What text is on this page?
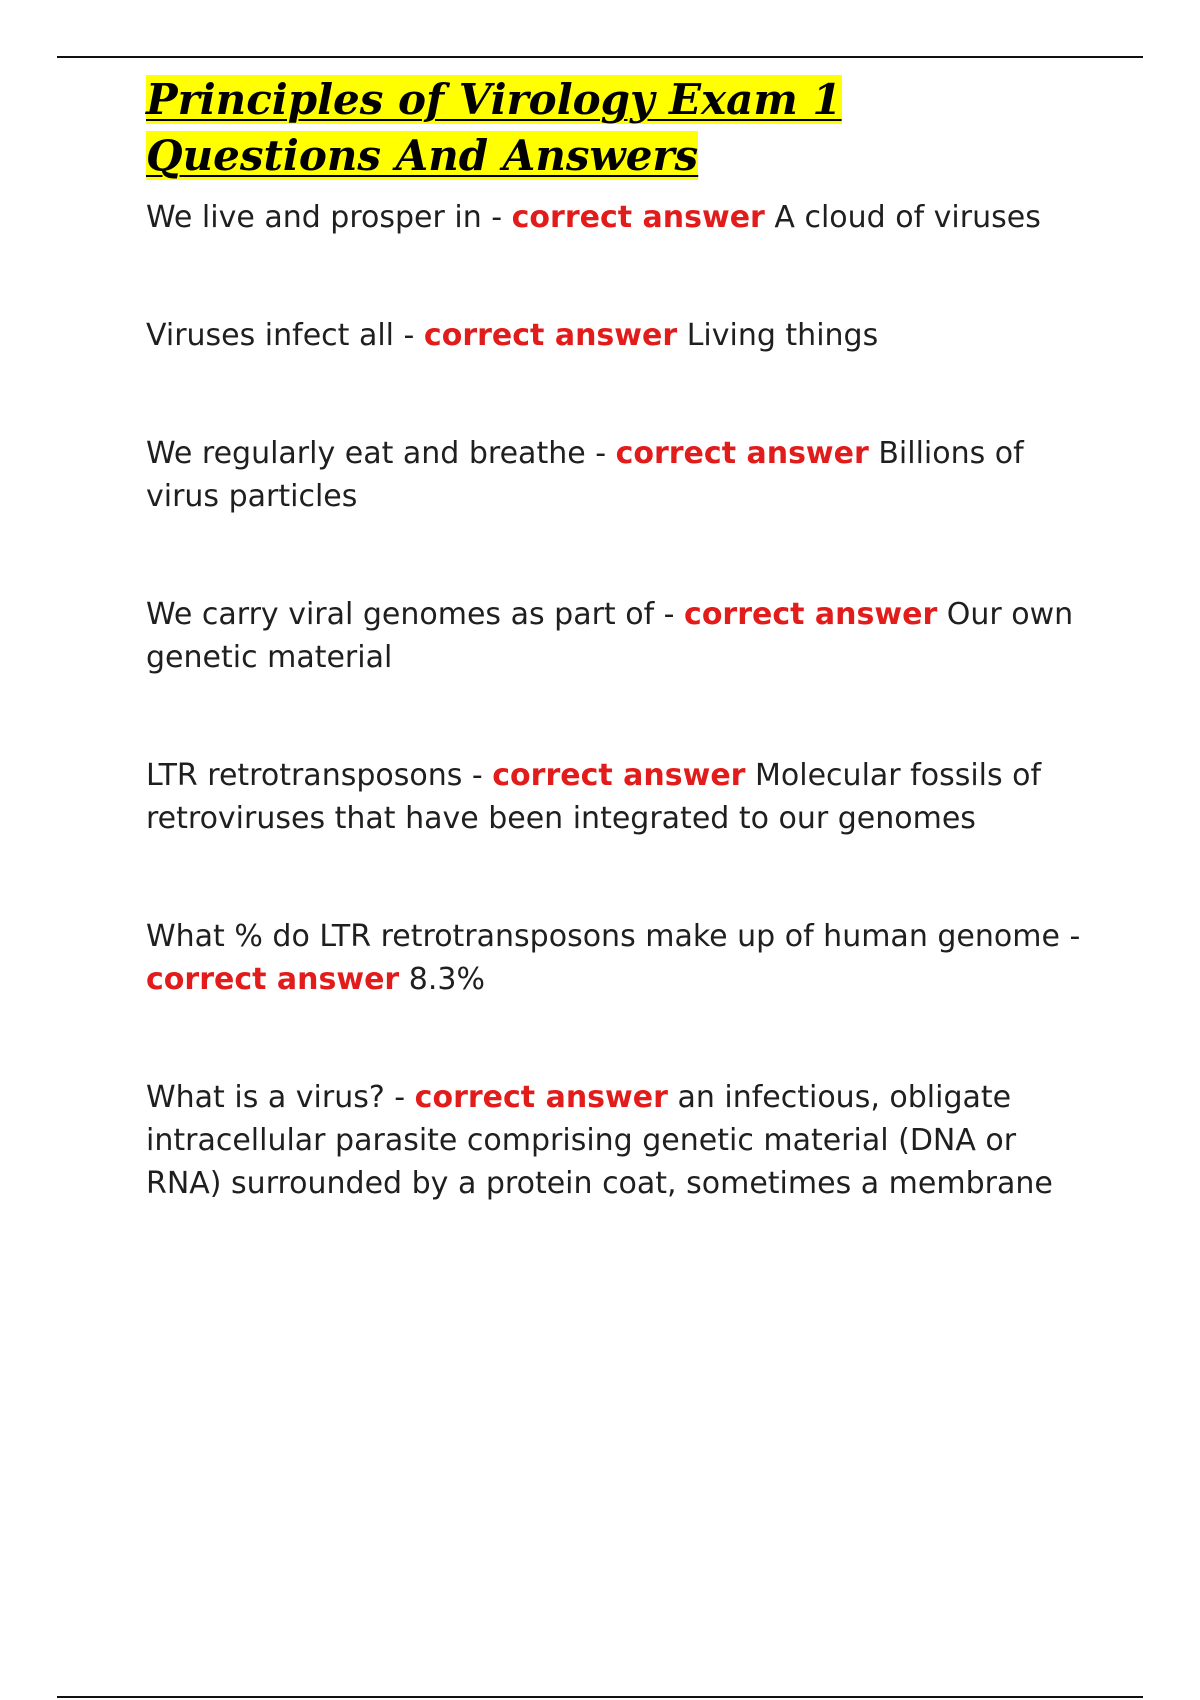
Principles of Virology Exam 1 Questions And Answers

We live and prosper in - correct answer A cloud of viruses

Viruses infect all - correct answer Living things

We regularly eat and breathe - correct answer Billions of virus particles

We carry viral genomes as part of - correct answer Our own genetic material

LTR retrotransposons - correct answer Molecular fossils of retroviruses that have been integrated to our genomes

What % do LTR retrotransposons make up of human genome - correct answer 8.3%

What is a virus? - correct answer an infectious, obligate intracellular parasite comprising genetic material (DNA or RNA) surrounded by a protein coat, sometimes a membrane
